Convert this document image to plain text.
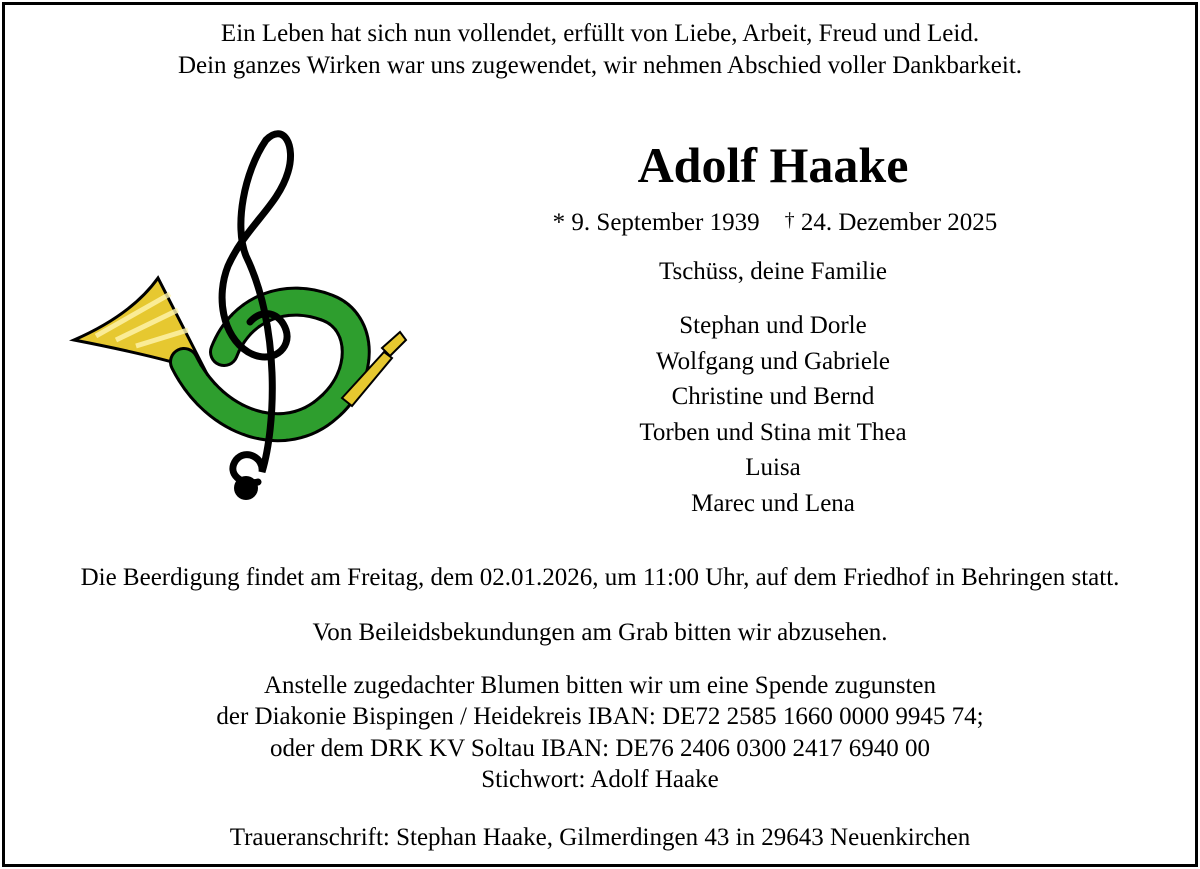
Ein Leben hat sich nun vollendet, erfüllt von Liebe, Arbeit, Freud und Leid.
Dein ganzes Wirken war uns zugewendet, wir nehmen Abschied voller Dankbarkeit.
Adolf Haake
* 9. September 1939 † 24. Dezember 2025
Tschüss, deine Familie
Stephan und Dorle
Wolfgang und Gabriele
Christine und Bernd
Torben und Stina mit Thea
Luisa
Marec und Lena
Die Beerdigung findet am Freitag, dem 02.01.2026, um 11:00 Uhr, auf dem Friedhof in Behringen statt.
Von Beileidsbekundungen am Grab bitten wir abzusehen.
Anstelle zugedachter Blumen bitten wir um eine Spende zugunsten
der Diakonie Bispingen / Heidekreis IBAN: DE72 2585 1660 0000 9945 74;
oder dem DRK KV Soltau IBAN: DE76 2406 0300 2417 6940 00
Stichwort: Adolf Haake
Traueranschrift: Stephan Haake, Gilmerdingen 43 in 29643 Neuenkirchen
